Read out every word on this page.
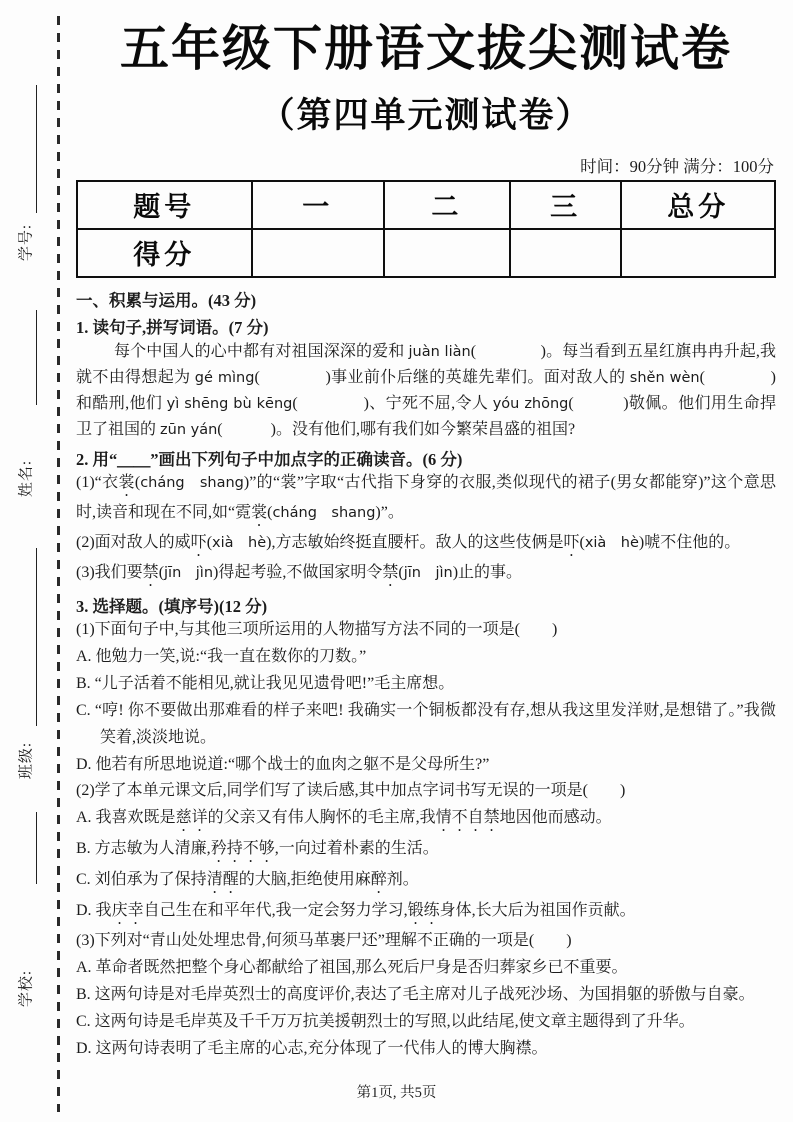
学号:
姓名:
班级:
学校:
五年级下册语文拔尖测试卷
（第四单元测试卷）
时间：90分钟 满分：100分
题号	一	二	三	总分
得分				
一、积累与运用。(43 分)
1. 读句子,拼写词语。(7 分)
每个中国人的心中都有对祖国深深的爱和 juàn liàn(　　　　)。每当看到五星红旗冉冉升起,我就不由得想起为 gé mìng(　　　　)事业前仆后继的英雄先辈们。面对敌人的 shěn wèn(　　　　)和酷刑,他们 yì shēng bù kēng(　　　　)、宁死不屈,令人 yóu zhōng(　　　)敬佩。他们用生命捍卫了祖国的 zūn yán(　　　)。没有他们,哪有我们如今繁荣昌盛的祖国?
2. 用“＿＿”画出下列句子中加点字的正确读音。(6 分)
(1)“衣裳(cháng　shang)”的“裳”字取“古代指下身穿的衣服,类似现代的裙子(男女都能穿)”这个意思时,读音和现在不同,如“霓裳(cháng　shang)”。
(2)面对敌人的威吓(xià　hè),方志敏始终挺直腰杆。敌人的这些伎俩是吓(xià　hè)唬不住他的。
(3)我们要禁(jīn　jìn)得起考验,不做国家明令禁(jīn　jìn)止的事。
3. 选择题。(填序号)(12 分)
(1)下面句子中,与其他三项所运用的人物描写方法不同的一项是(　　)
A. 他勉力一笑,说:“我一直在数你的刀数。”
B. “儿子活着不能相见,就让我见见遗骨吧!”毛主席想。
C. “哼! 你不要做出那难看的样子来吧! 我确实一个铜板都没有存,想从我这里发洋财,是想错了。”我微笑着,淡淡地说。
D. 他若有所思地说道:“哪个战士的血肉之躯不是父母所生?”
(2)学了本单元课文后,同学们写了读后感,其中加点字词书写无误的一项是(　　)
A. 我喜欢既是慈详的父亲又有伟人胸怀的毛主席,我情不自禁地因他而感动。
B. 方志敏为人清廉,矜持不够,一向过着朴素的生活。
C. 刘伯承为了保持清醒的大脑,拒绝使用麻醉剂。
D. 我庆幸自己生在和平年代,我一定会努力学习,锻练身体,长大后为祖国作贡献。
(3)下列对“青山处处埋忠骨,何须马革裹尸还”理解不正确的一项是(　　)
A. 革命者既然把整个身心都献给了祖国,那么死后尸身是否归葬家乡已不重要。
B. 这两句诗是对毛岸英烈士的高度评价,表达了毛主席对儿子战死沙场、为国捐躯的骄傲与自豪。
C. 这两句诗是毛岸英及千千万万抗美援朝烈士的写照,以此结尾,使文章主题得到了升华。
D. 这两句诗表明了毛主席的心志,充分体现了一代伟人的博大胸襟。
第1页, 共5页
